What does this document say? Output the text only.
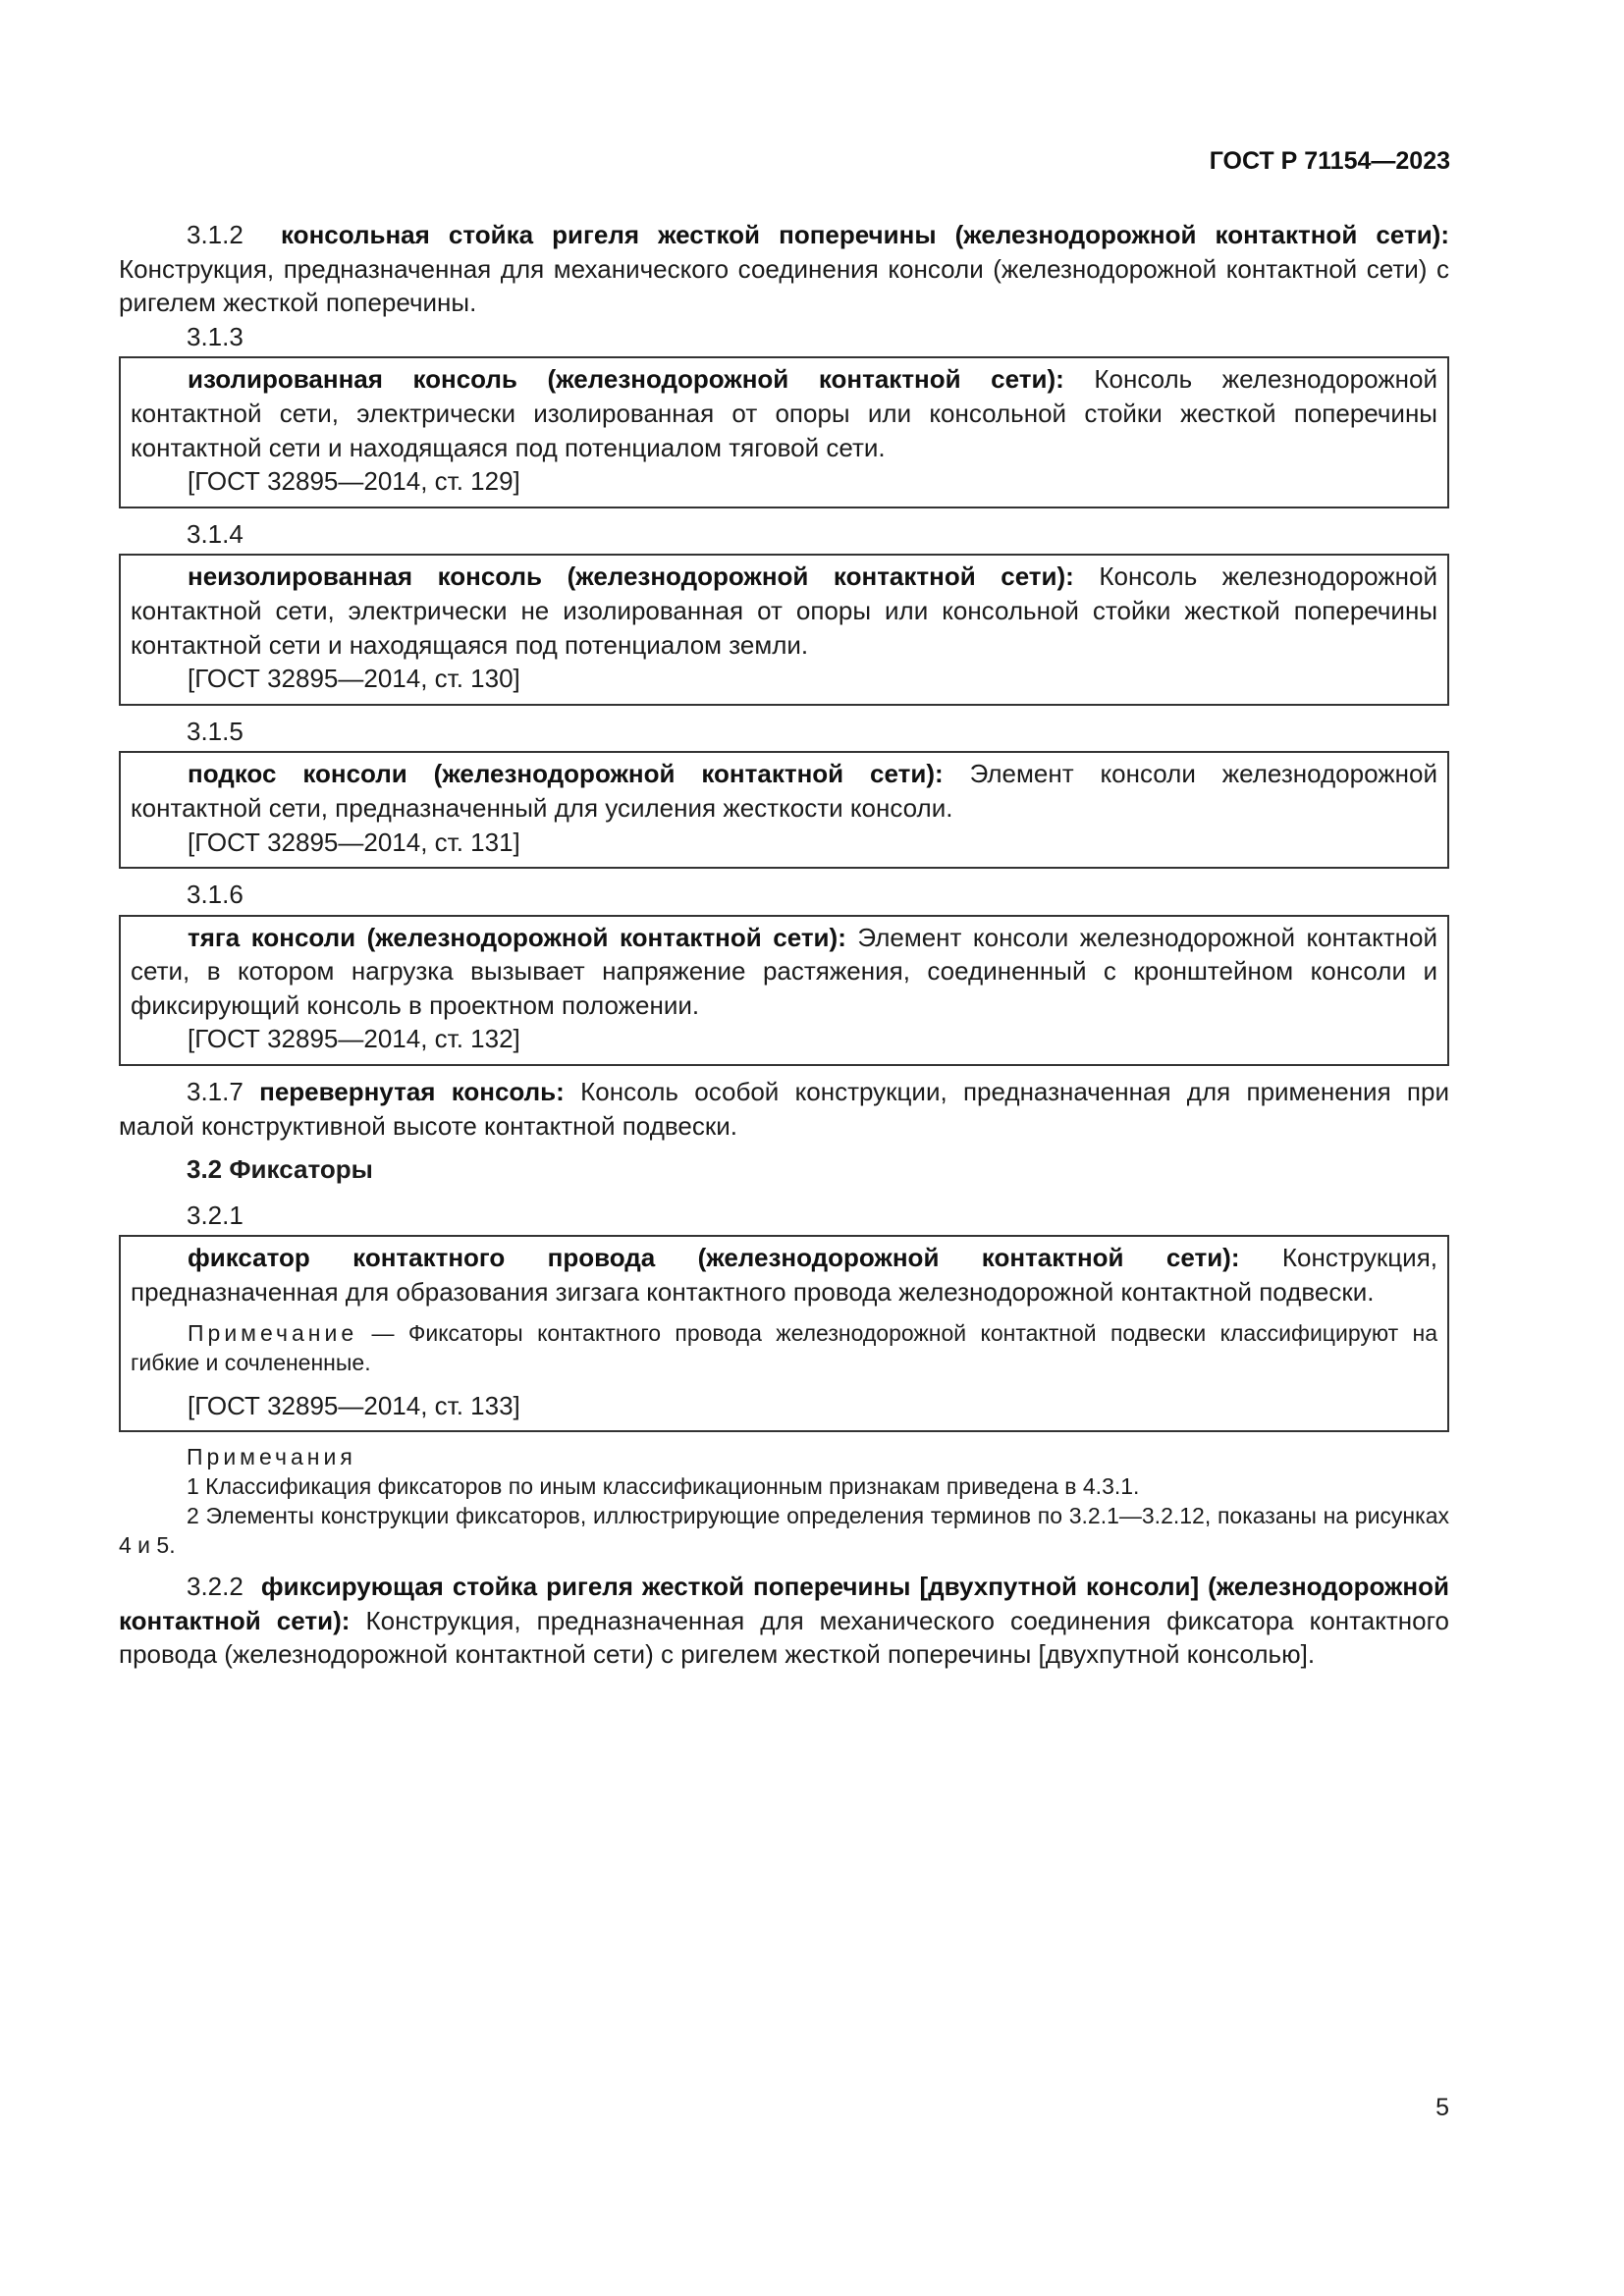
ГОСТ Р 71154—2023

3.1.2 консольная стойка ригеля жесткой поперечины (железнодорожной контактной сети): Конструкция, предназначенная для механического соединения консоли (железнодорожной контактной сети) с ригелем жесткой поперечины.

3.1.3

изолированная консоль (железнодорожной контактной сети): Консоль железнодорожной контактной сети, электрически изолированная от опоры или консольной стойки жесткой поперечины контактной сети и находящаяся под потенциалом тяговой сети.

[ГОСТ 32895—2014, ст. 129]

3.1.4

неизолированная консоль (железнодорожной контактной сети): Консоль железнодорожной контактной сети, электрически не изолированная от опоры или консольной стойки жесткой поперечины контактной сети и находящаяся под потенциалом земли.

[ГОСТ 32895—2014, ст. 130]

3.1.5

подкос консоли (железнодорожной контактной сети): Элемент консоли железнодорожной контактной сети, предназначенный для усиления жесткости консоли.

[ГОСТ 32895—2014, ст. 131]

3.1.6

тяга консоли (железнодорожной контактной сети): Элемент консоли железнодорожной контактной сети, в котором нагрузка вызывает напряжение растяжения, соединенный с кронштейном консоли и фиксирующий консоль в проектном положении.

[ГОСТ 32895—2014, ст. 132]

3.1.7 перевернутая консоль: Консоль особой конструкции, предназначенная для применения при малой конструктивной высоте контактной подвески.

3.2 Фиксаторы

3.2.1

фиксатор контактного провода (железнодорожной контактной сети): Конструкция, предназначенная для образования зигзага контактного провода железнодорожной контактной подвески.

Примечание — Фиксаторы контактного провода железнодорожной контактной подвески классифицируют на гибкие и сочлененные.

[ГОСТ 32895—2014, ст. 133]

Примечания

1 Классификация фиксаторов по иным классификационным признакам приведена в 4.3.1.

2 Элементы конструкции фиксаторов, иллюстрирующие определения терминов по 3.2.1—3.2.12, показаны на рисунках 4 и 5.

3.2.2 фиксирующая стойка ригеля жесткой поперечины [двухпутной консоли] (железнодорожной контактной сети): Конструкция, предназначенная для механического соединения фиксатора контактного провода (железнодорожной контактной сети) с ригелем жесткой поперечины [двухпутной консолью].

5
